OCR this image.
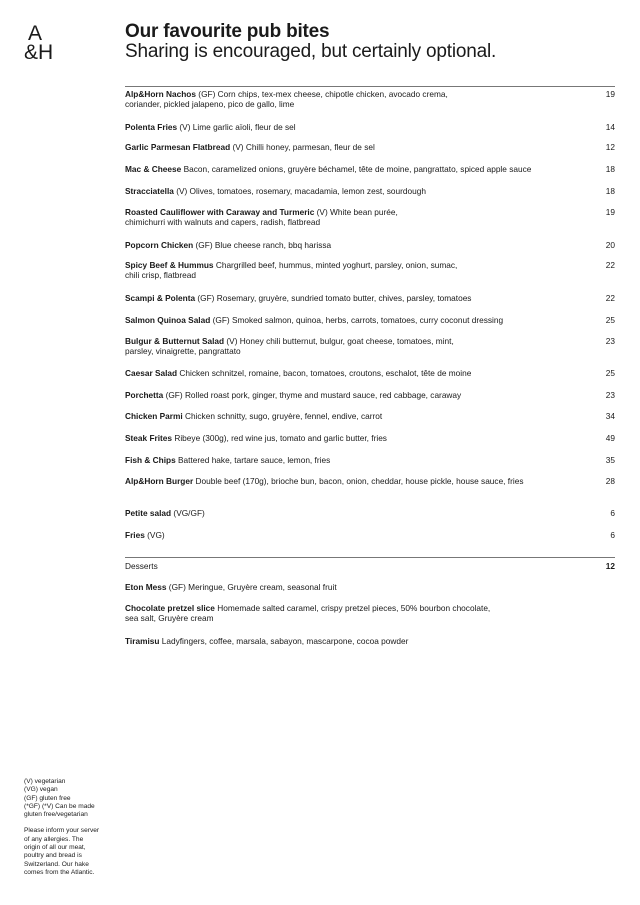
A
&H
Our favourite pub bites
Sharing is encouraged, but certainly optional.
Alp&Horn Nachos (GF) Corn chips, tex-mex cheese, chipotle chicken, avocado crema,
coriander, pickled jalapeno, pico de gallo, lime
19
Polenta Fries (V) Lime garlic aïoli, fleur de sel	14
Garlic Parmesan Flatbread (V) Chilli honey, parmesan, fleur de sel	12
Mac & Cheese Bacon, caramelized onions, gruyère béchamel, tête de moine, pangrattato, spiced apple sauce	18
Stracciatella (V) Olives, tomatoes, rosemary, macadamia, lemon zest, sourdough	18
Roasted Cauliflower with Caraway and Turmeric (V) White bean purée,
chimichurri with walnuts and capers, radish, flatbread
19
Popcorn Chicken (GF) Blue cheese ranch, bbq harissa	20
Spicy Beef & Hummus Chargrilled beef, hummus, minted yoghurt, parsley, onion, sumac,
chili crisp, flatbread
22
Scampi & Polenta (GF) Rosemary, gruyère, sundried tomato butter, chives, parsley, tomatoes	22
Salmon Quinoa Salad (GF) Smoked salmon, quinoa, herbs, carrots, tomatoes, curry coconut dressing	25
Bulgur & Butternut Salad (V) Honey chili butternut, bulgur, goat cheese, tomatoes, mint,
parsley, vinaigrette, pangrattato
23
Caesar Salad Chicken schnitzel, romaine, bacon, tomatoes, croutons, eschalot, tête de moine	25
Porchetta (GF) Rolled roast pork, ginger, thyme and mustard sauce, red cabbage, caraway	23
Chicken Parmi Chicken schnitty, sugo, gruyère, fennel, endive, carrot	34
Steak Frites Ribeye (300g), red wine jus, tomato and garlic butter, fries	49
Fish & Chips Battered hake, tartare sauce, lemon, fries	35
Alp&Horn Burger Double beef (170g), brioche bun, bacon, onion, cheddar, house pickle, house sauce, fries	28
Petite salad (VG/GF)	6
Fries (VG)	6
Desserts	12
Eton Mess (GF) Meringue, Gruyère cream, seasonal fruit
Chocolate pretzel slice Homemade salted caramel, crispy pretzel pieces, 50% bourbon chocolate,
sea salt, Gruyère cream
Tiramisu Ladyfingers, coffee, marsala, sabayon, mascarpone, cocoa powder

(V) vegetarian
(VG) vegan
(GF) gluten free
(*GF) (*V) Can be made
gluten free/vegetarian

Please inform your server
of any allergies. The
origin of all our meat,
poultry and bread is
Switzerland. Our hake
comes from the Atlantic.
